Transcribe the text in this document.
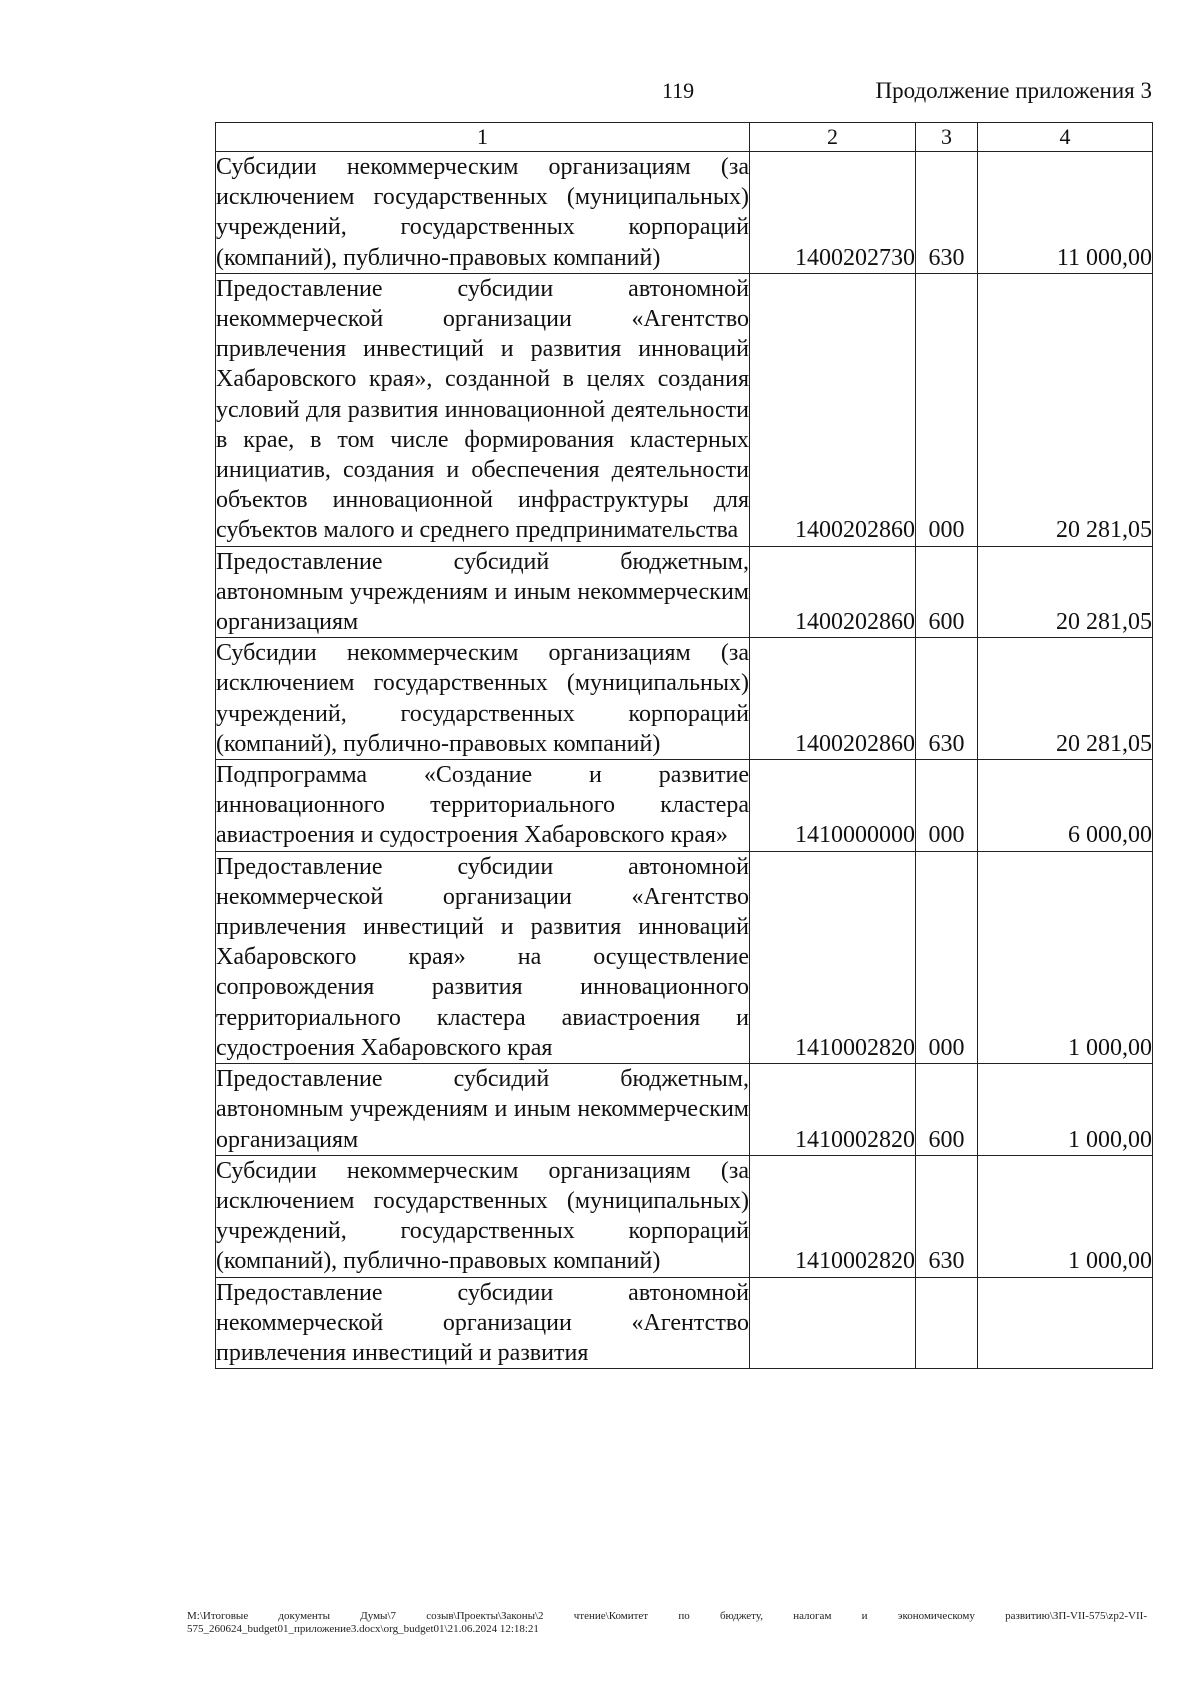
119	Продолжение приложения 3
1	2	3	4
Субсидии некоммерческим организациям (за исключением государственных (муниципальных) учреждений, государственных корпораций (компаний), публично-правовых компаний)	1400202730	630	11 000,00
Предоставление субсидии автономной некоммерческой организации «Агентство привлечения инвестиций и развития инноваций Хабаровского края», созданной в целях создания условий для развития инновационной деятельности в крае, в том числе формирования кластерных инициатив, создания и обеспечения деятельности объектов инновационной инфраструктуры для субъектов малого и среднего предпринимательства	1400202860	000	20 281,05
Предоставление субсидий бюджетным, автономным учреждениям и иным некоммерческим организациям	1400202860	600	20 281,05
Субсидии некоммерческим организациям (за исключением государственных (муниципальных) учреждений, государственных корпораций (компаний), публично-правовых компаний)	1400202860	630	20 281,05
Подпрограмма «Создание и развитие инновационного территориального кластера авиастроения и судостроения Хабаровского края»	1410000000	000	6 000,00
Предоставление субсидии автономной некоммерческой организации «Агентство привлечения инвестиций и развития инноваций Хабаровского края» на осуществление сопровождения развития инновационного территориального кластера авиастроения и судостроения Хабаровского края	1410002820	000	1 000,00
Предоставление субсидий бюджетным, автономным учреждениям и иным некоммерческим организациям	1410002820	600	1 000,00
Субсидии некоммерческим организациям (за исключением государственных (муниципальных) учреждений, государственных корпораций (компаний), публично-правовых компаний)	1410002820	630	1 000,00
Предоставление субсидии автономной некоммерческой организации «Агентство привлечения инвестиций и развития			
M:\Итоговые документы Думы\7 созыв\Проекты\Законы\2 чтение\Комитет по бюджету, налогам и экономическому развитию\ЗП-VII-575\zp2-VII-575_260624_budget01_приложение3.docx\org_budget01\21.06.2024 12:18:21
